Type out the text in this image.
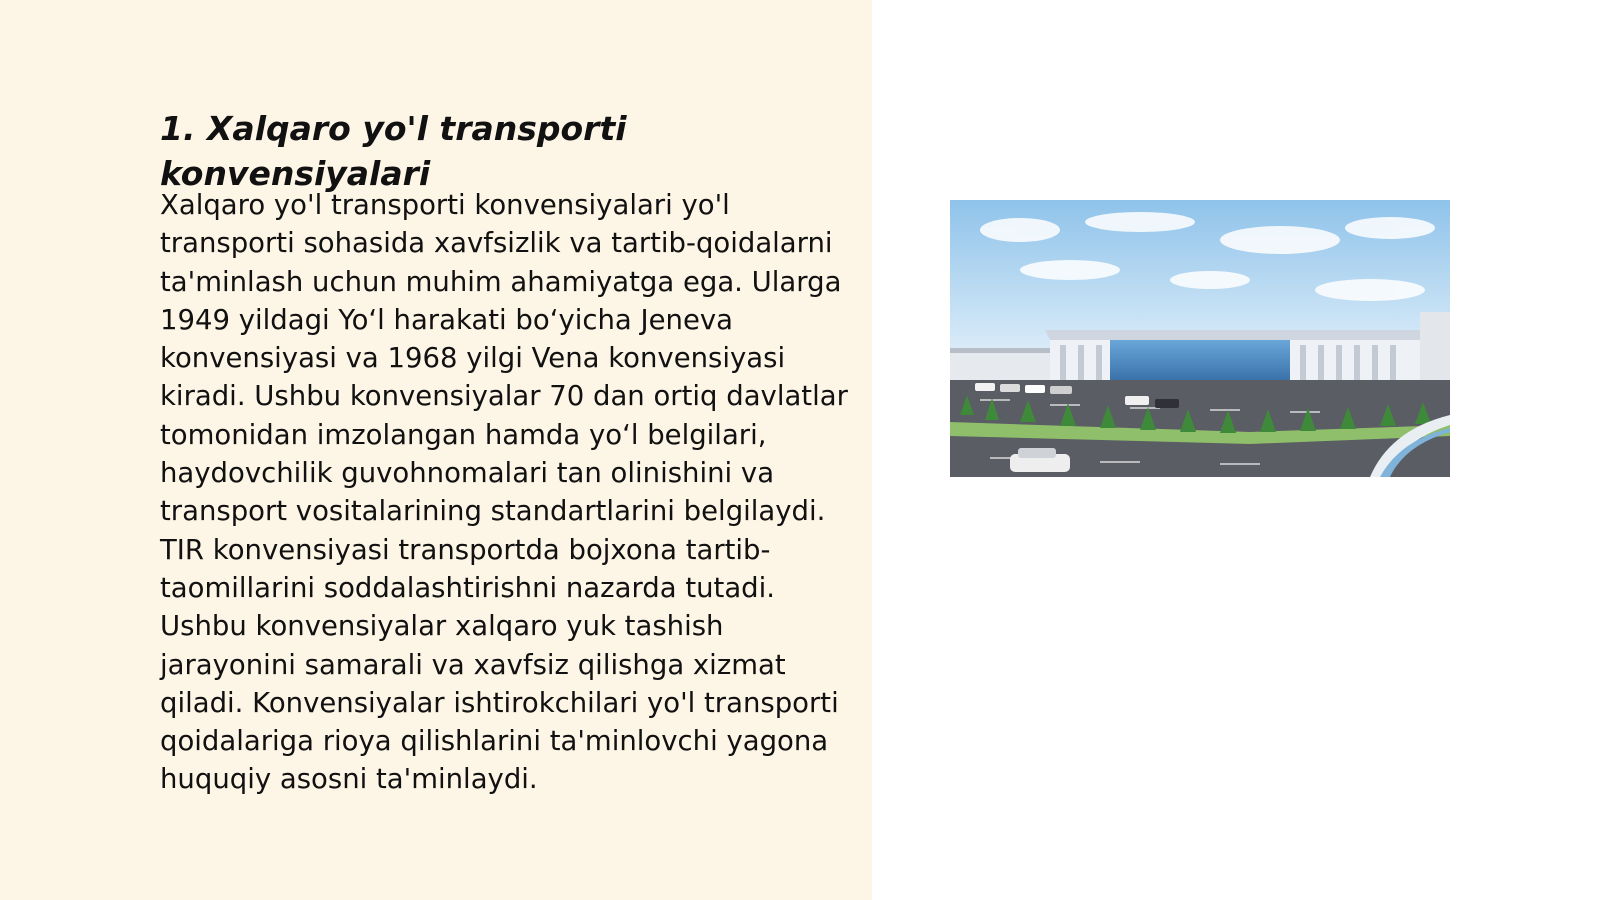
1. Xalqaro yo'l transporti konvensiyalari

Xalqaro yo'l transporti konvensiyalari yo'l transporti sohasida xavfsizlik va tartib-qoidalarni ta'minlash uchun muhim ahamiyatga ega. Ularga 1949 yildagi Yo‘l harakati bo‘yicha Jeneva konvensiyasi va 1968 yilgi Vena konvensiyasi kiradi. Ushbu konvensiyalar 70 dan ortiq davlatlar tomonidan imzolangan hamda yo‘l belgilari, haydovchilik guvohnomalari tan olinishini va transport vositalarining standartlarini belgilaydi. TIR konvensiyasi transportda bojxona tartib-taomillarini soddalashtirishni nazarda tutadi. Ushbu konvensiyalar xalqaro yuk tashish jarayonini samarali va xavfsiz qilishga xizmat qiladi. Konvensiyalar ishtirokchilari yo'l transporti qoidalariga rioya qilishlarini ta'minlovchi yagona huquqiy asosni ta'minlaydi.
